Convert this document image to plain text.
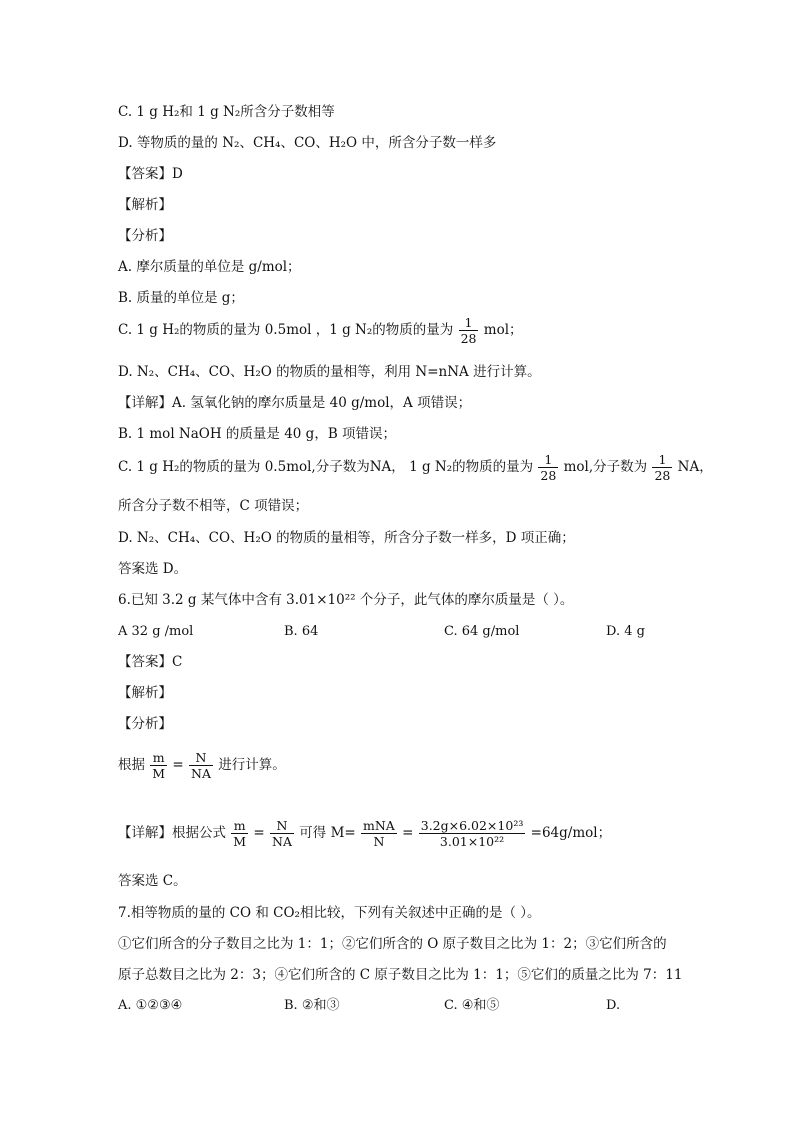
C. 1 g H₂和 1 g N₂所含分子数相等
D. 等物质的量的 N₂、CH₄、CO、H₂O 中，所含分子数一样多
【答案】D
【解析】
【分析】
A. 摩尔质量的单位是 g/mol；
B. 质量的单位是 g；
C. 1 g H₂的物质的量为 0.5mol ，1 g N₂的物质的量为 $\frac{1}{28}$ mol；
D. N₂、CH₄、CO、H₂O 的物质的量相等，利用 N=nNA 进行计算。
【详解】A. 氢氧化钠的摩尔质量是 40 g/mol，A 项错误；
B. 1 mol NaOH 的质量是 40 g，B 项错误；
C. 1 g H₂的物质的量为 0.5mol,分子数为NA， 1 g N₂的物质的量为 $\frac{1}{28}$ mol,分子数为 $\frac{1}{28}$ NA，
所含分子数不相等，C 项错误；
D. N₂、CH₄、CO、H₂O 的物质的量相等，所含分子数一样多，D 项正确；
答案选 D。
6.已知 3.2 g 某气体中含有 3.01×10²² 个分子，此气体的摩尔质量是（ ）。
A 32 g /mol	B. 64	C. 64 g/mol	D. 4 g
【答案】C
【解析】
【分析】
根据 $\frac{m}{M} = \frac{N}{NA}$ 进行计算。
【详解】根据公式 $\frac{m}{M} = \frac{N}{NA}$ 可得 $M= \frac{\text{mNA}}{N} = \frac{\text{3.2g×6.02×10²³}}{\text{3.01×10²²}} =64g/mol$；
答案选 C。
7.相等物质的量的 CO 和 CO₂相比较，下列有关叙述中正确的是（ ）。
①它们所含的分子数目之比为 1：1；②它们所含的 O 原子数目之比为 1：2；③它们所含的
原子总数目之比为 2：3；④它们所含的 C 原子数目之比为 1：1；⑤它们的质量之比为 7：11
A. ①②③④	B. ②和③	C. ④和⑤	D.
